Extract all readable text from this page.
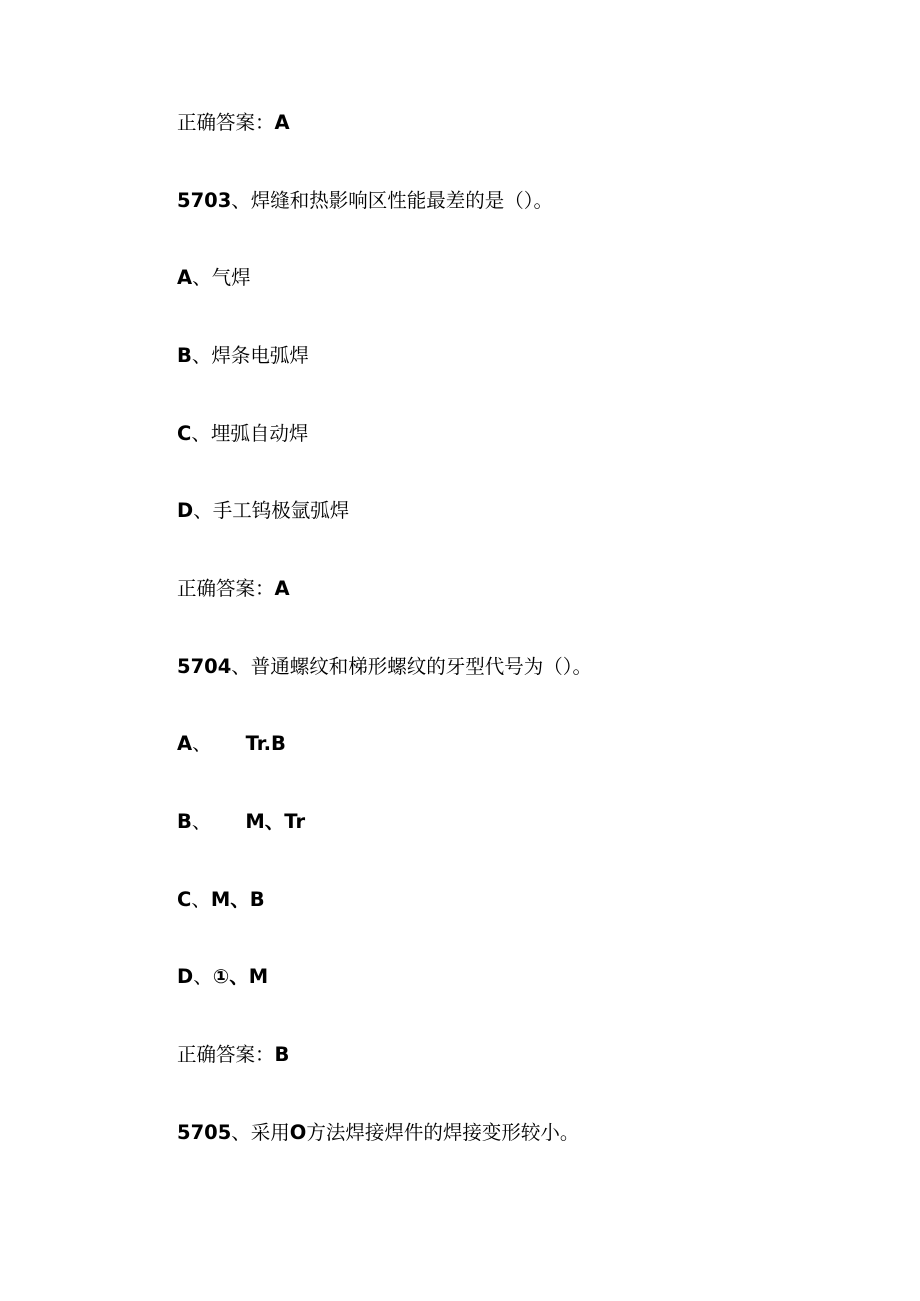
正确答案：A
5703、焊缝和热影响区性能最差的是（）。
A、气焊
B、焊条电弧焊
C、埋弧自动焊
D、手工钨极氩弧焊
正确答案：A
5704、普通螺纹和梯形螺纹的牙型代号为（）。
A、 Tr.B
B、 M、Tr
C、M、B
D、①、M
正确答案：B
5705、采用O方法焊接焊件的焊接变形较小。
